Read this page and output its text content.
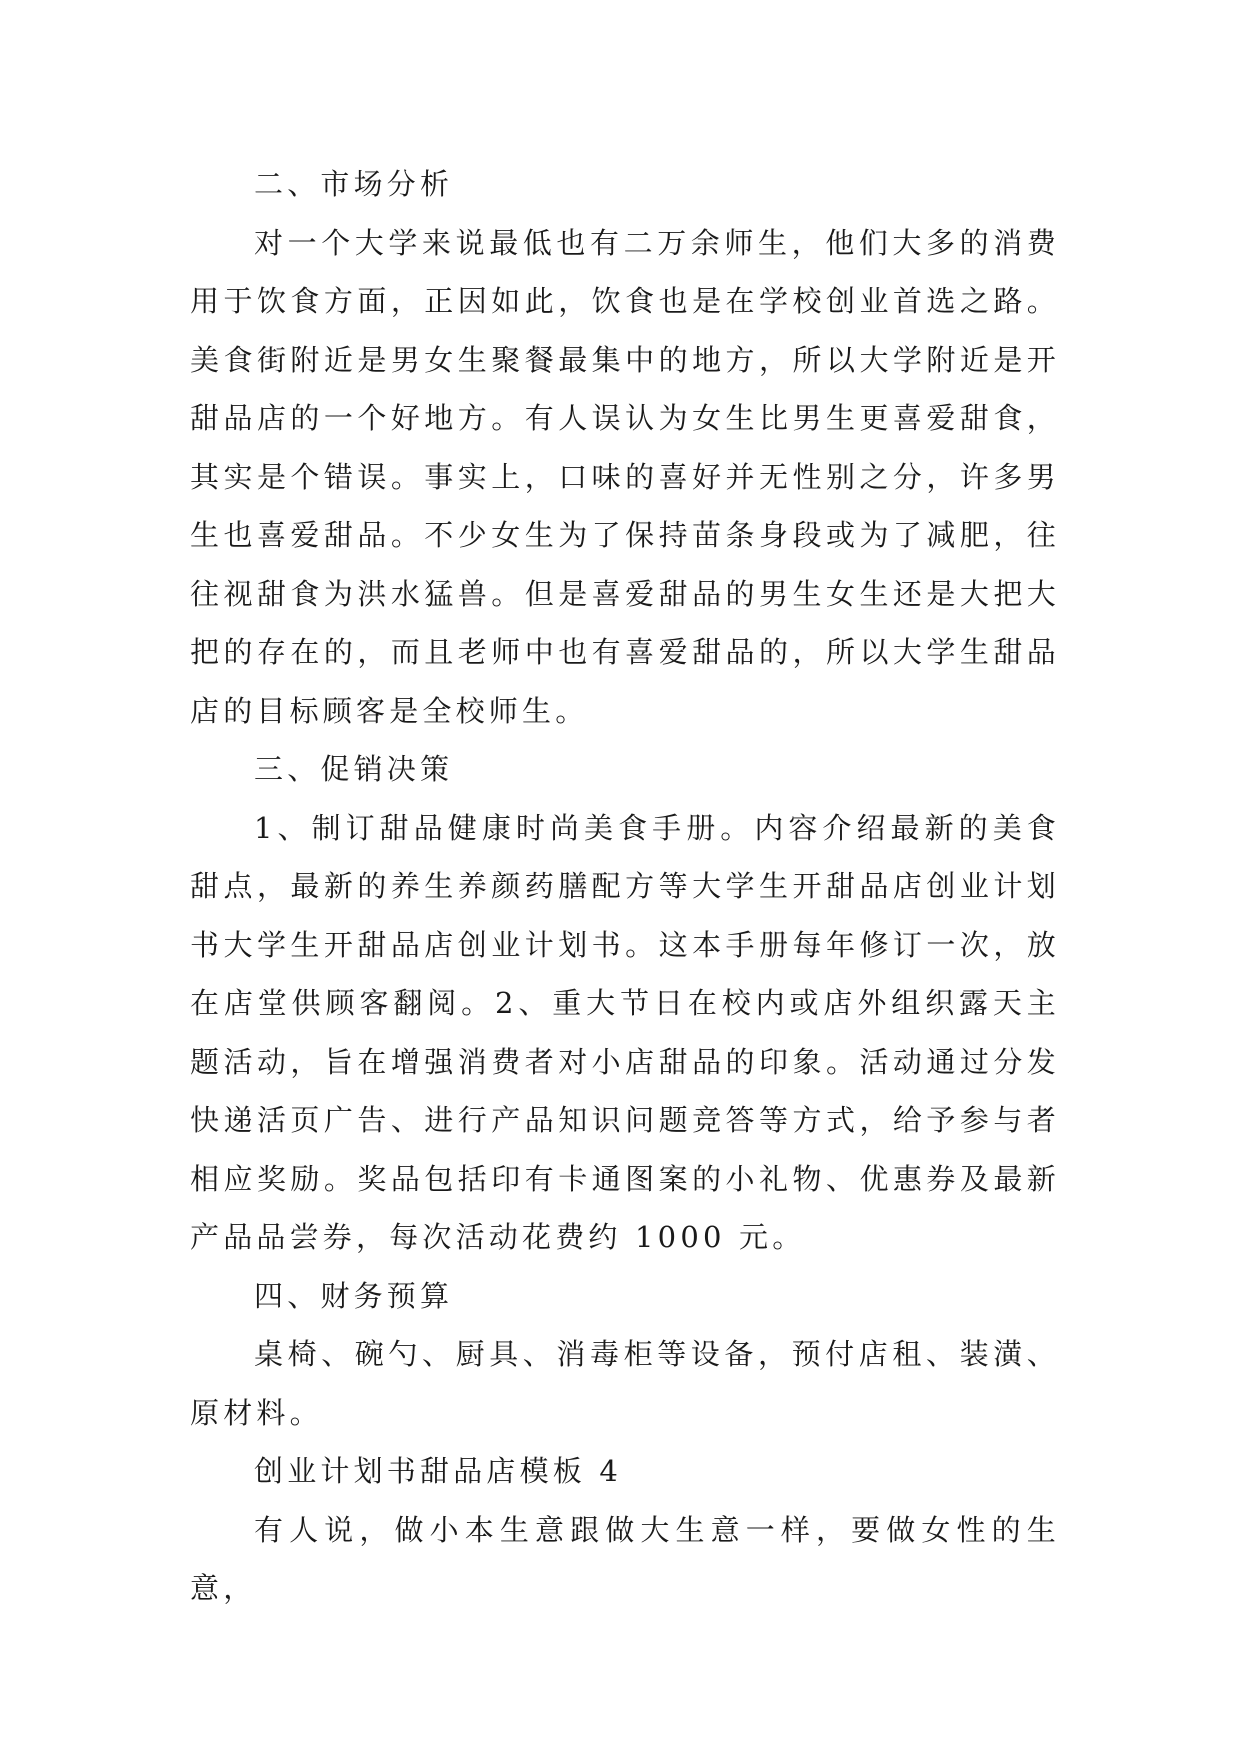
二、市场分析

对一个大学来说最低也有二万余师生，他们大多的消费用于饮食方面，正因如此，饮食也是在学校创业首选之路。美食街附近是男女生聚餐最集中的地方，所以大学附近是开甜品店的一个好地方。有人误认为女生比男生更喜爱甜食，其实是个错误。事实上，口味的喜好并无性别之分，许多男生也喜爱甜品。不少女生为了保持苗条身段或为了减肥，往往视甜食为洪水猛兽。但是喜爱甜品的男生女生还是大把大把的存在的，而且老师中也有喜爱甜品的，所以大学生甜品店的目标顾客是全校师生。

三、促销决策

1、制订甜品健康时尚美食手册。内容介绍最新的美食甜点，最新的养生养颜药膳配方等大学生开甜品店创业计划书大学生开甜品店创业计划书。这本手册每年修订一次，放在店堂供顾客翻阅。2、重大节日在校内或店外组织露天主题活动，旨在增强消费者对小店甜品的印象。活动通过分发快递活页广告、进行产品知识问题竞答等方式，给予参与者相应奖励。奖品包括印有卡通图案的小礼物、优惠券及最新产品品尝券，每次活动花费约 1000 元。

四、财务预算

桌椅、碗勺、厨具、消毒柜等设备，预付店租、装潢、原材料。

创业计划书甜品店模板 4

有人说，做小本生意跟做大生意一样，要做女性的生意，
